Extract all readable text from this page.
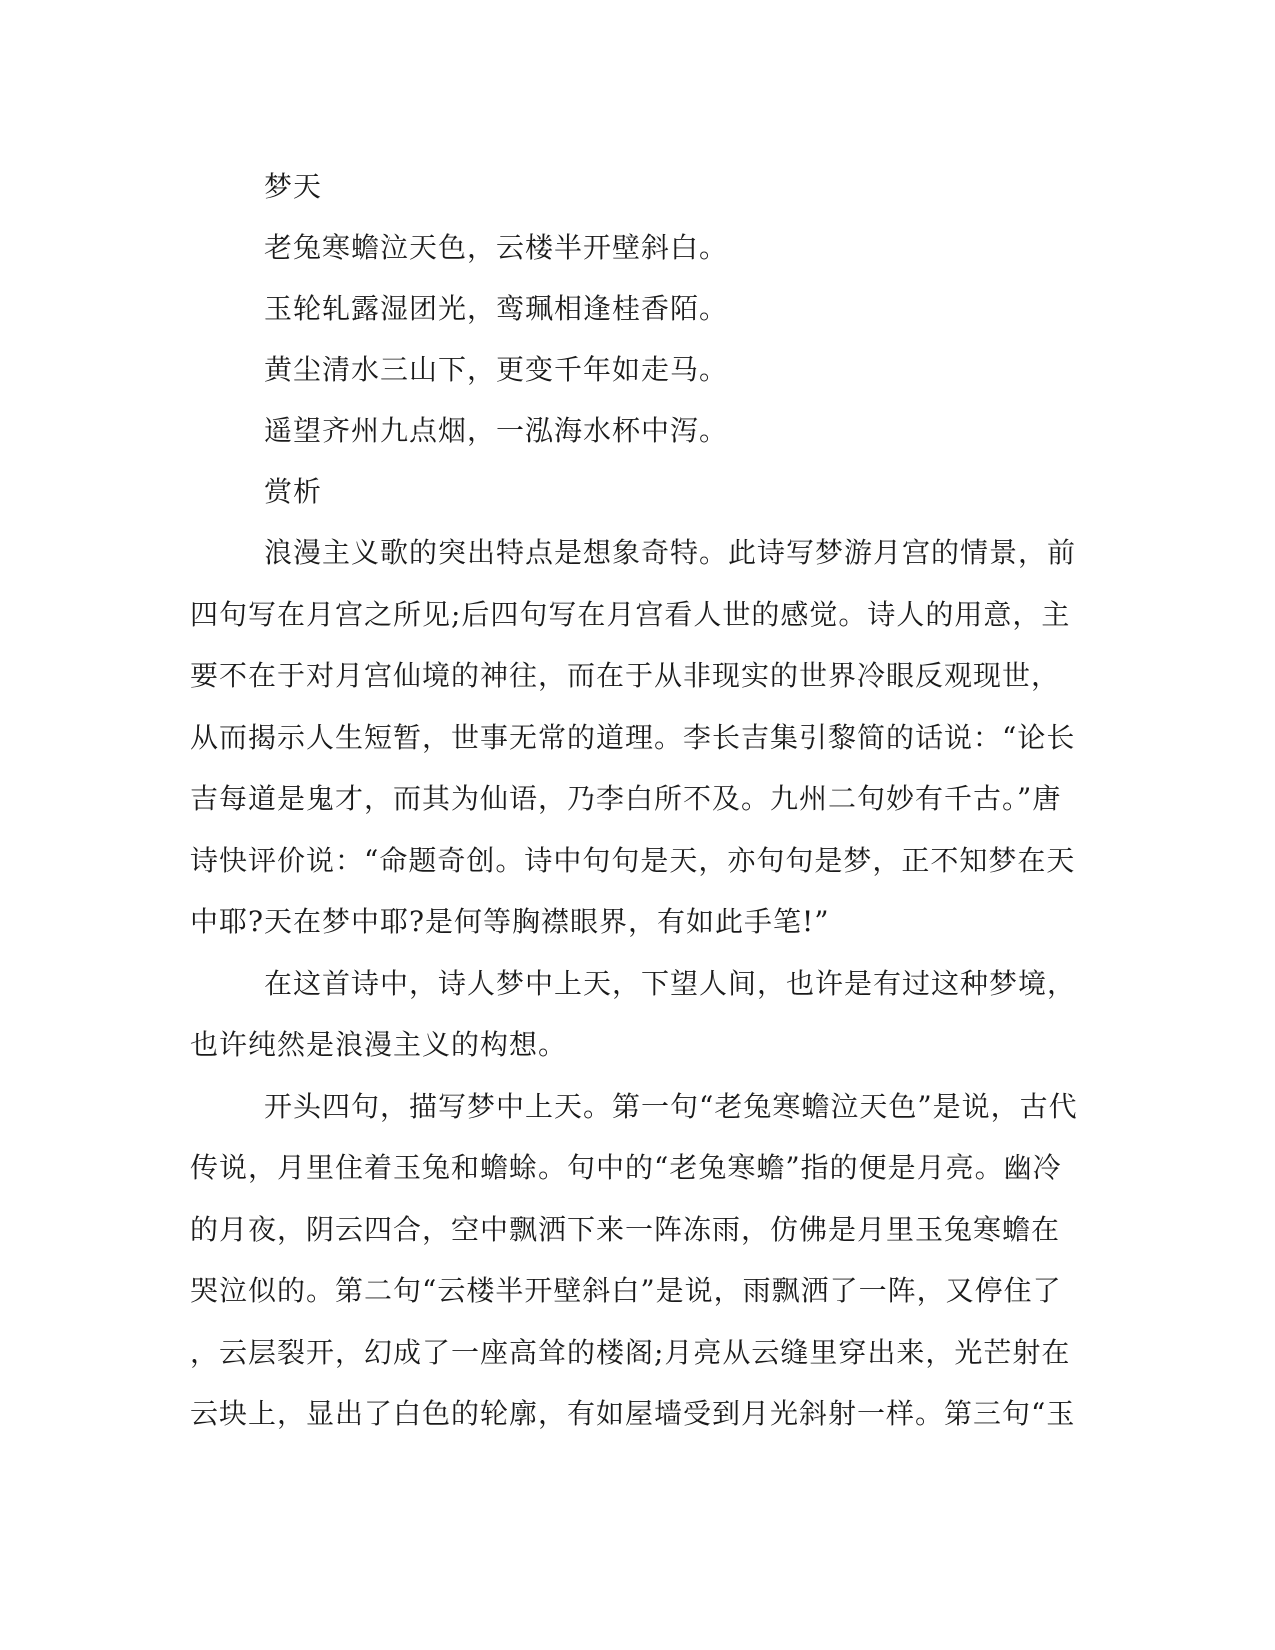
梦天
老兔寒蟾泣天色，云楼半开壁斜白。
玉轮轧露湿团光，鸾珮相逢桂香陌。
黄尘清水三山下，更变千年如走马。
遥望齐州九点烟，一泓海水杯中泻。
赏析
浪漫主义歌的突出特点是想象奇特。此诗写梦游月宫的情景，前
四句写在月宫之所见;后四句写在月宫看人世的感觉。诗人的用意，主
要不在于对月宫仙境的神往，而在于从非现实的世界冷眼反观现世，
从而揭示人生短暂，世事无常的道理。李长吉集引黎简的话说：“论长
吉每道是鬼才，而其为仙语，乃李白所不及。九州二句妙有千古。”唐
诗快评价说：“命题奇创。诗中句句是天，亦句句是梦，正不知梦在天
中耶?天在梦中耶?是何等胸襟眼界，有如此手笔!”
在这首诗中，诗人梦中上天，下望人间，也许是有过这种梦境，
也许纯然是浪漫主义的构想。
开头四句，描写梦中上天。第一句“老兔寒蟾泣天色”是说，古代
传说，月里住着玉兔和蟾蜍。句中的“老兔寒蟾”指的便是月亮。幽冷
的月夜，阴云四合，空中飘洒下来一阵冻雨，仿佛是月里玉兔寒蟾在
哭泣似的。第二句“云楼半开壁斜白”是说，雨飘洒了一阵，又停住了
，云层裂开，幻成了一座高耸的楼阁;月亮从云缝里穿出来，光芒射在
云块上，显出了白色的轮廓，有如屋墙受到月光斜射一样。第三句“玉
